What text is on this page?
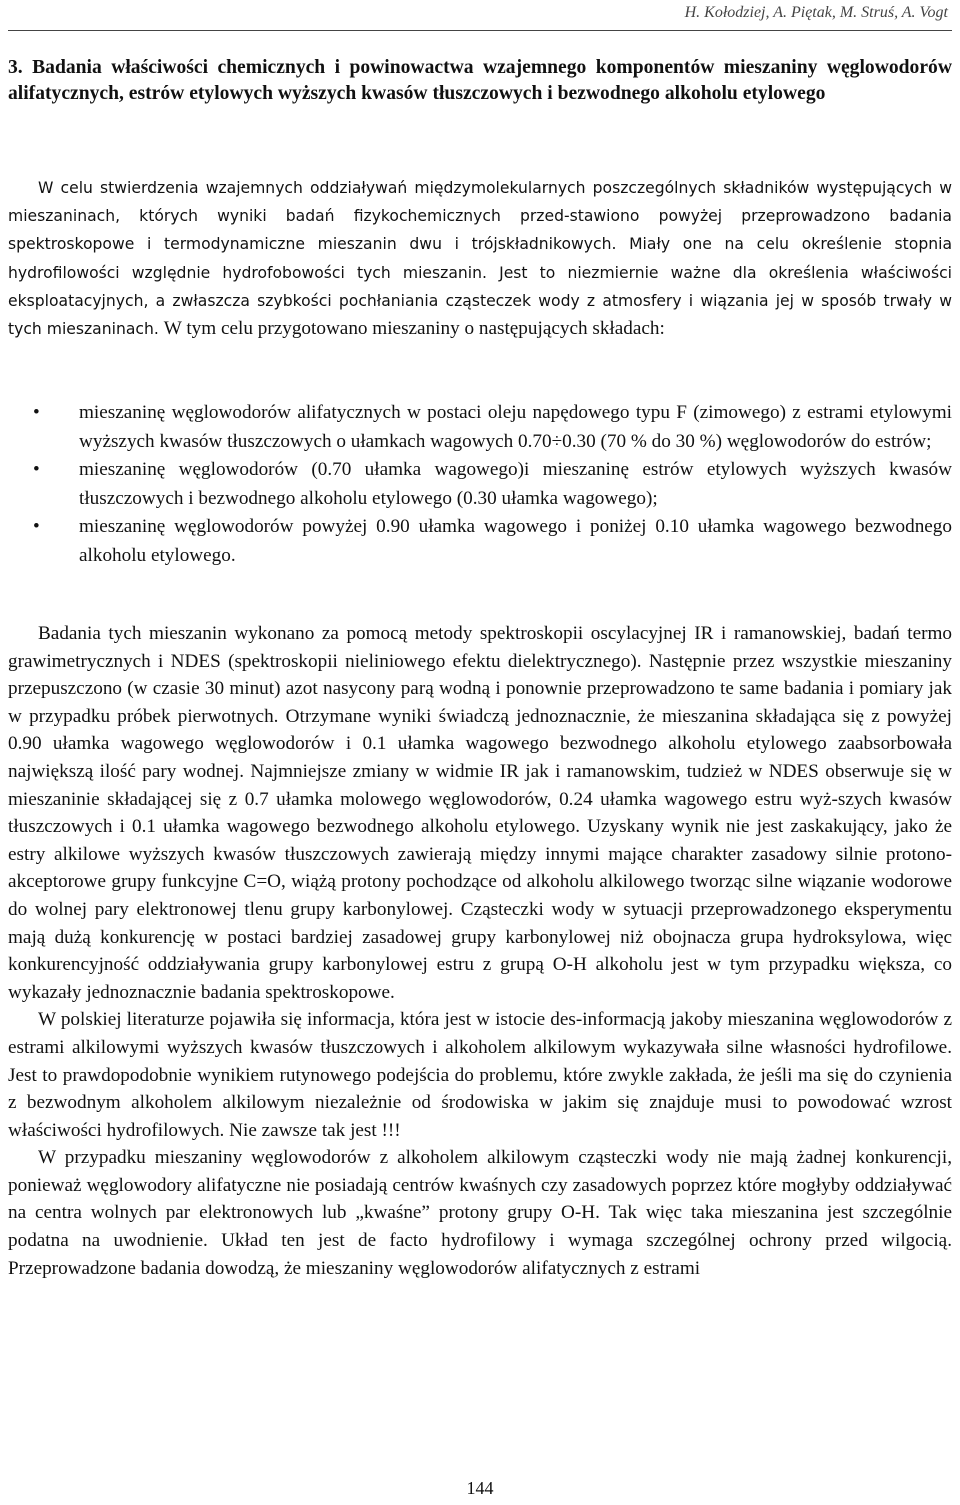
H. Kołodziej, A. Piętak, M. Struś, A. Vogt
3. Badania właściwości chemicznych i powinowactwa wzajemnego komponentów mieszaniny węglowodorów alifatycznych, estrów etylowych wyższych kwasów tłuszczowych i bezwodnego alkoholu etylowego

W celu stwierdzenia wzajemnych oddziaływań międzymolekularnych poszczególnych składników występujących w mieszaninach, których wyniki badań fizykochemicznych przed-stawiono powyżej przeprowadzono badania spektroskopowe i termodynamiczne mieszanin dwu i trójskładnikowych. Miały one na celu określenie stopnia hydrofilowości względnie hydrofobowości tych mieszanin. Jest to niezmiernie ważne dla określenia właściwości eksploatacyjnych, a zwłaszcza szybkości pochłaniania cząsteczek wody z atmosfery i wiązania jej w sposób trwały w tych mieszaninach. W tym celu przygotowano mieszaniny o następujących składach:

• mieszaninę węglowodorów alifatycznych w postaci oleju napędowego typu F (zimowego) z estrami etylowymi wyższych kwasów tłuszczowych o ułamkach wagowych 0.70÷0.30 (70 % do 30 %) węglowodorów do estrów;
• mieszaninę węglowodorów (0.70 ułamka wagowego)i mieszaninę estrów etylowych wyższych kwasów tłuszczowych i bezwodnego alkoholu etylowego (0.30 ułamka wagowego);
• mieszaninę węglowodorów powyżej 0.90 ułamka wagowego i poniżej 0.10 ułamka wagowego bezwodnego alkoholu etylowego.

Badania tych mieszanin wykonano za pomocą metody spektroskopii oscylacyjnej IR i ramanowskiej, badań termo grawimetrycznych i NDES (spektroskopii nieliniowego efektu dielektrycznego). Następnie przez wszystkie mieszaniny przepuszczono (w czasie 30 minut) azot nasycony parą wodną i ponownie przeprowadzono te same badania i pomiary jak w przypadku próbek pierwotnych. Otrzymane wyniki świadczą jednoznacznie, że mieszanina składająca się z powyżej 0.90 ułamka wagowego węglowodorów i 0.1 ułamka wagowego bezwodnego alkoholu etylowego zaabsorbowała największą ilość pary wodnej. Najmniejsze zmiany w widmie IR jak i ramanowskim, tudzież w NDES obserwuje się w mieszaninie składającej się z 0.7 ułamka molowego węglowodorów, 0.24 ułamka wagowego estru wyż-szych kwasów tłuszczowych i 0.1 ułamka wagowego bezwodnego alkoholu etylowego. Uzyskany wynik nie jest zaskakujący, jako że estry alkilowe wyższych kwasów tłuszczowych zawierają między innymi mające charakter zasadowy silnie protono-akceptorowe grupy funkcyjne C=O, wiążą protony pochodzące od alkoholu alkilowego tworząc silne wiązanie wodorowe do wolnej pary elektronowej tlenu grupy karbonylowej. Cząsteczki wody w sytuacji przeprowadzonego eksperymentu mają dużą konkurencję w postaci bardziej zasadowej grupy karbonylowej niż obojnacza grupa hydroksylowa, więc konkurencyjność oddziaływania grupy karbonylowej estru z grupą O-H alkoholu jest w tym przypadku większa, co wykazały jednoznacznie badania spektroskopowe.

W polskiej literaturze pojawiła się informacja, która jest w istocie des-informacją jakoby mieszanina węglowodorów z estrami alkilowymi wyższych kwasów tłuszczowych i alkoholem alkilowym wykazywała silne własności hydrofilowe. Jest to prawdopodobnie wynikiem rutynowego podejścia do problemu, które zwykle zakłada, że jeśli ma się do czynienia z bezwodnym alkoholem alkilowym niezależnie od środowiska w jakim się znajduje musi to powodować wzrost właściwości hydrofilowych. Nie zawsze tak jest !!!

W przypadku mieszaniny węglowodorów z alkoholem alkilowym cząsteczki wody nie mają żadnej konkurencji, ponieważ węglowodory alifatyczne nie posiadają centrów kwaśnych czy zasadowych poprzez które mogłyby oddziaływać na centra wolnych par elektronowych lub „kwaśne” protony grupy O-H. Tak więc taka mieszanina jest szczególnie podatna na uwodnienie. Układ ten jest de facto hydrofilowy i wymaga szczególnej ochrony przed wilgocią. Przeprowadzone badania dowodzą, że mieszaniny węglowodorów alifatycznych z estrami

144
